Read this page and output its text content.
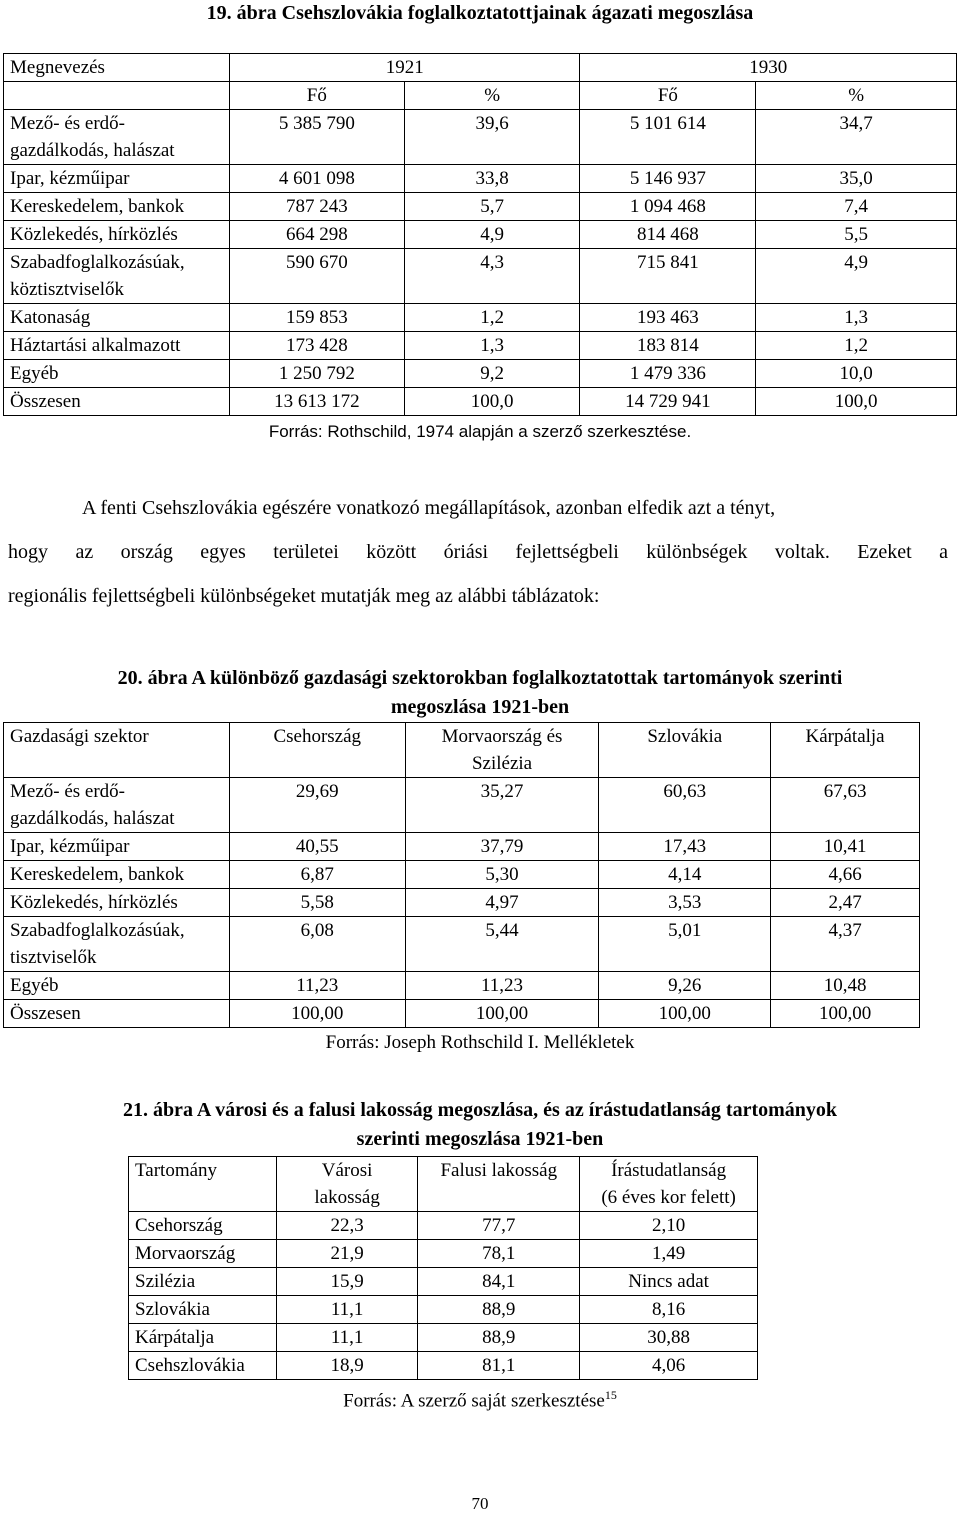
19. ábra Csehszlovákia foglalkoztatottjainak ágazati megoszlása
Megnevezés	1921		1930	
	Fő	%	Fő	%
Mező- és erdő-
gazdálkodás, halászat	5 385 790	39,6	5 101 614	34,7
Ipar, kézműipar	4 601 098	33,8	5 146 937	35,0
Kereskedelem, bankok	787 243	5,7	1 094 468	7,4
Közlekedés, hírközlés	664 298	4,9	814 468	5,5
Szabadfoglalkozásúak,
köztisztviselők	590 670	4,3	715 841	4,9
Katonaság	159 853	1,2	193 463	1,3
Háztartási alkalmazott	173 428	1,3	183 814	1,2
Egyéb	1 250 792	9,2	1 479 336	10,0
Összesen	13 613 172	100,0	14 729 941	100,0
Forrás: Rothschild, 1974 alapján a szerző szerkesztése.
A fenti Csehszlovákia egészére vonatkozó megállapítások, azonban elfedik azt a tényt,
hogy az ország egyes területei között óriási fejlettségbeli különbségek voltak. Ezeket a
regionális fejlettségbeli különbségeket mutatják meg az alábbi táblázatok:
20. ábra A különböző gazdasági szektorokban foglalkoztatottak tartományok szerinti
megoszlása 1921-ben
Gazdasági szektor	Csehország	Morvaország és
Szilézia	Szlovákia	Kárpátalja
Mező- és erdő-
gazdálkodás, halászat	29,69	35,27	60,63	67,63
Ipar, kézműipar	40,55	37,79	17,43	10,41
Kereskedelem, bankok	6,87	5,30	4,14	4,66
Közlekedés, hírközlés	5,58	4,97	3,53	2,47
Szabadfoglalkozásúak,
tisztviselők	6,08	5,44	5,01	4,37
Egyéb	11,23	11,23	9,26	10,48
Összesen	100,00	100,00	100,00	100,00
Forrás: Joseph Rothschild I. Mellékletek
21. ábra A városi és a falusi lakosság megoszlása, és az írástudatlanság tartományok
szerinti megoszlása 1921-ben
Tartomány	Városi
lakosság	Falusi lakosság	Írástudatlanság
(6 éves kor felett)
Csehország	22,3	77,7	2,10
Morvaország	21,9	78,1	1,49
Szilézia	15,9	84,1	Nincs adat
Szlovákia	11,1	88,9	8,16
Kárpátalja	11,1	88,9	30,88
Csehszlovákia	18,9	81,1	4,06
Forrás: A szerző saját szerkesztése$^{15}$
70
